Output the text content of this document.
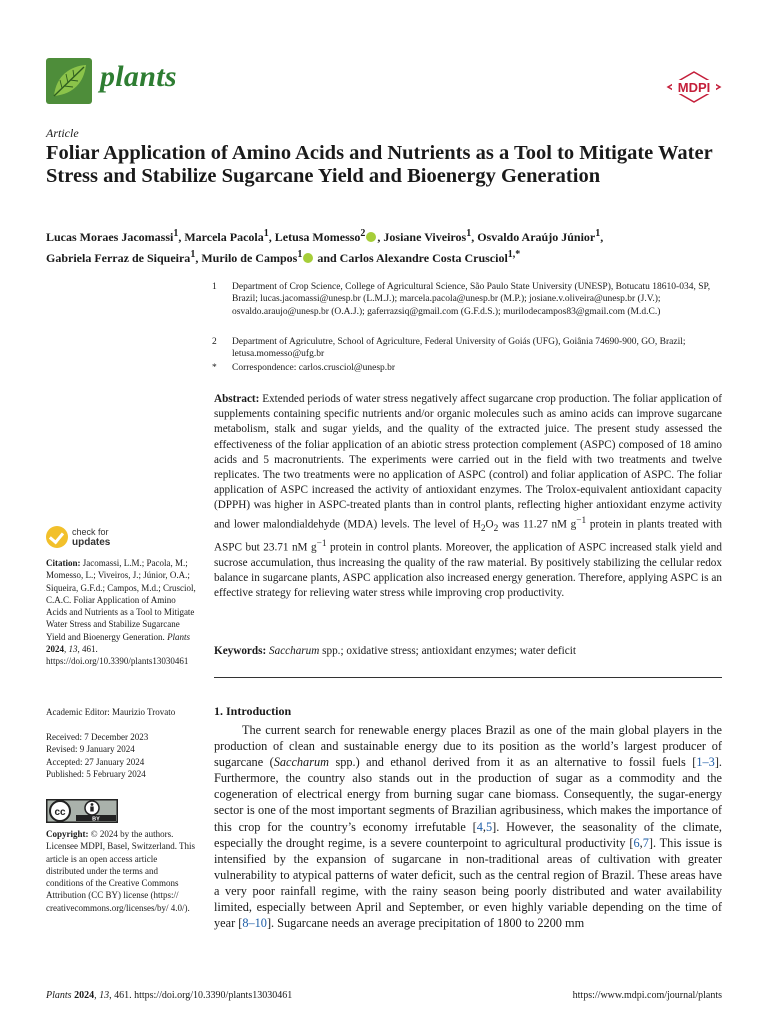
plants	MDPI
Article
Foliar Application of Amino Acids and Nutrients as a Tool to Mitigate Water Stress and Stabilize Sugarcane Yield and Bioenergy Generation
Lucas Moraes Jacomassi$^1$, Marcela Pacola$^1$, Letusa Momesso$^2$ , Josiane Viveiros$^1$, Osvaldo Araújo Júnior$^1$,
Gabriela Ferraz de Siqueira$^1$, Murilo de Campos$^1$ and Carlos Alexandre Costa Crusciol$^{1,*}$
1 Department of Crop Science, College of Agricultural Science, São Paulo State University (UNESP), Botucatu 18610-034, SP, Brazil; lucas.jacomassi@unesp.br (L.M.J.); marcela.pacola@unesp.br (M.P.); josiane.v.oliveira@unesp.br (J.V.); osvaldo.araujo@unesp.br (O.A.J.); gaferrazsiq@gmail.com (G.F.d.S.); murilodecampos83@gmail.com (M.d.C.)
2 Department of Agriculutre, School of Agriculture, Federal University of Goiás (UFG), Goiânia 74690-900, GO, Brazil; letusa.momesso@ufg.br
* Correspondence: carlos.crusciol@unesp.br
Abstract: Extended periods of water stress negatively affect sugarcane crop production. The foliar application of supplements containing specific nutrients and/or organic molecules such as amino acids can improve sugarcane metabolism, stalk and sugar yields, and the quality of the extracted juice. The present study assessed the effectiveness of the foliar application of an abiotic stress protection complement (ASPC) composed of 18 amino acids and 5 macronutrients. The experiments were carried out in the field with two treatments and twelve replicates. The two treatments were no application of ASPC (control) and foliar application of ASPC. The foliar application of ASPC increased the activity of antioxidant enzymes. The Trolox-equivalent antioxidant capacity (DPPH) was higher in ASPC-treated plants than in control plants, reflecting higher antioxidant enzyme activity and lower malondialdehyde (MDA) levels. The level of $H_2O_2$ was 11.27 nM $g^{-1}$ protein in plants treated with ASPC but 23.71 nM $g^{-1}$ protein in control plants. Moreover, the application of ASPC increased stalk yield and sucrose accumulation, thus increasing the quality of the raw material. By positively stabilizing the cellular redox balance in sugarcane plants, ASPC application also increased energy generation. Therefore, applying ASPC is an effective strategy for relieving water stress while improving crop productivity.
Keywords: Saccharum spp.; oxidative stress; antioxidant enzymes; water deficit
1. Introduction
The current search for renewable energy places Brazil as one of the main global players in the production of clean and sustainable energy due to its position as the world’s largest producer of sugarcane (Saccharum spp.) and ethanol derived from it as an alternative to fossil fuels [1–3]. Furthermore, the country also stands out in the production of sugar as a commodity and the cogeneration of electrical energy from burning sugar cane biomass. Consequently, the sugar-energy sector is one of the most important segments of Brazilian agribusiness, which makes the importance of this crop for the country’s economy irrefutable [4,5]. However, the seasonality of the climate, especially the drought regime, is a severe counterpoint to agricultural productivity [6,7]. This issue is intensified by the expansion of sugarcane in non-traditional areas of cultivation with greater vulnerability to atypical patterns of water deficit, such as the central region of Brazil. These areas have a very poor rainfall regime, with the rainy season being poorly distributed and water availability limited, especially between April and September, or even highly variable depending on the time of year [8–10]. Sugarcane needs an average precipitation of 1800 to 2200 mm
check for
updates
Citation: Jacomassi, L.M.; Pacola, M.; Momesso, L.; Viveiros, J.; Júnior, O.A.; Siqueira, G.F.d.; Campos, M.d.; Crusciol, C.A.C. Foliar Application of Amino Acids and Nutrients as a Tool to Mitigate Water Stress and Stabilize Sugarcane Yield and Bioenergy Generation. Plants 2024, 13, 461. https://doi.org/10.3390/plants13030461
Academic Editor: Maurizio Trovato
Received: 7 December 2023
Revised: 9 January 2024
Accepted: 27 January 2024
Published: 5 February 2024
cc
BY
Copyright: © 2024 by the authors. Licensee MDPI, Basel, Switzerland. This article is an open access article distributed under the terms and conditions of the Creative Commons Attribution (CC BY) license (https:// creativecommons.org/licenses/by/ 4.0/).
Plants 2024, 13, 461. https://doi.org/10.3390/plants13030461	https://www.mdpi.com/journal/plants
